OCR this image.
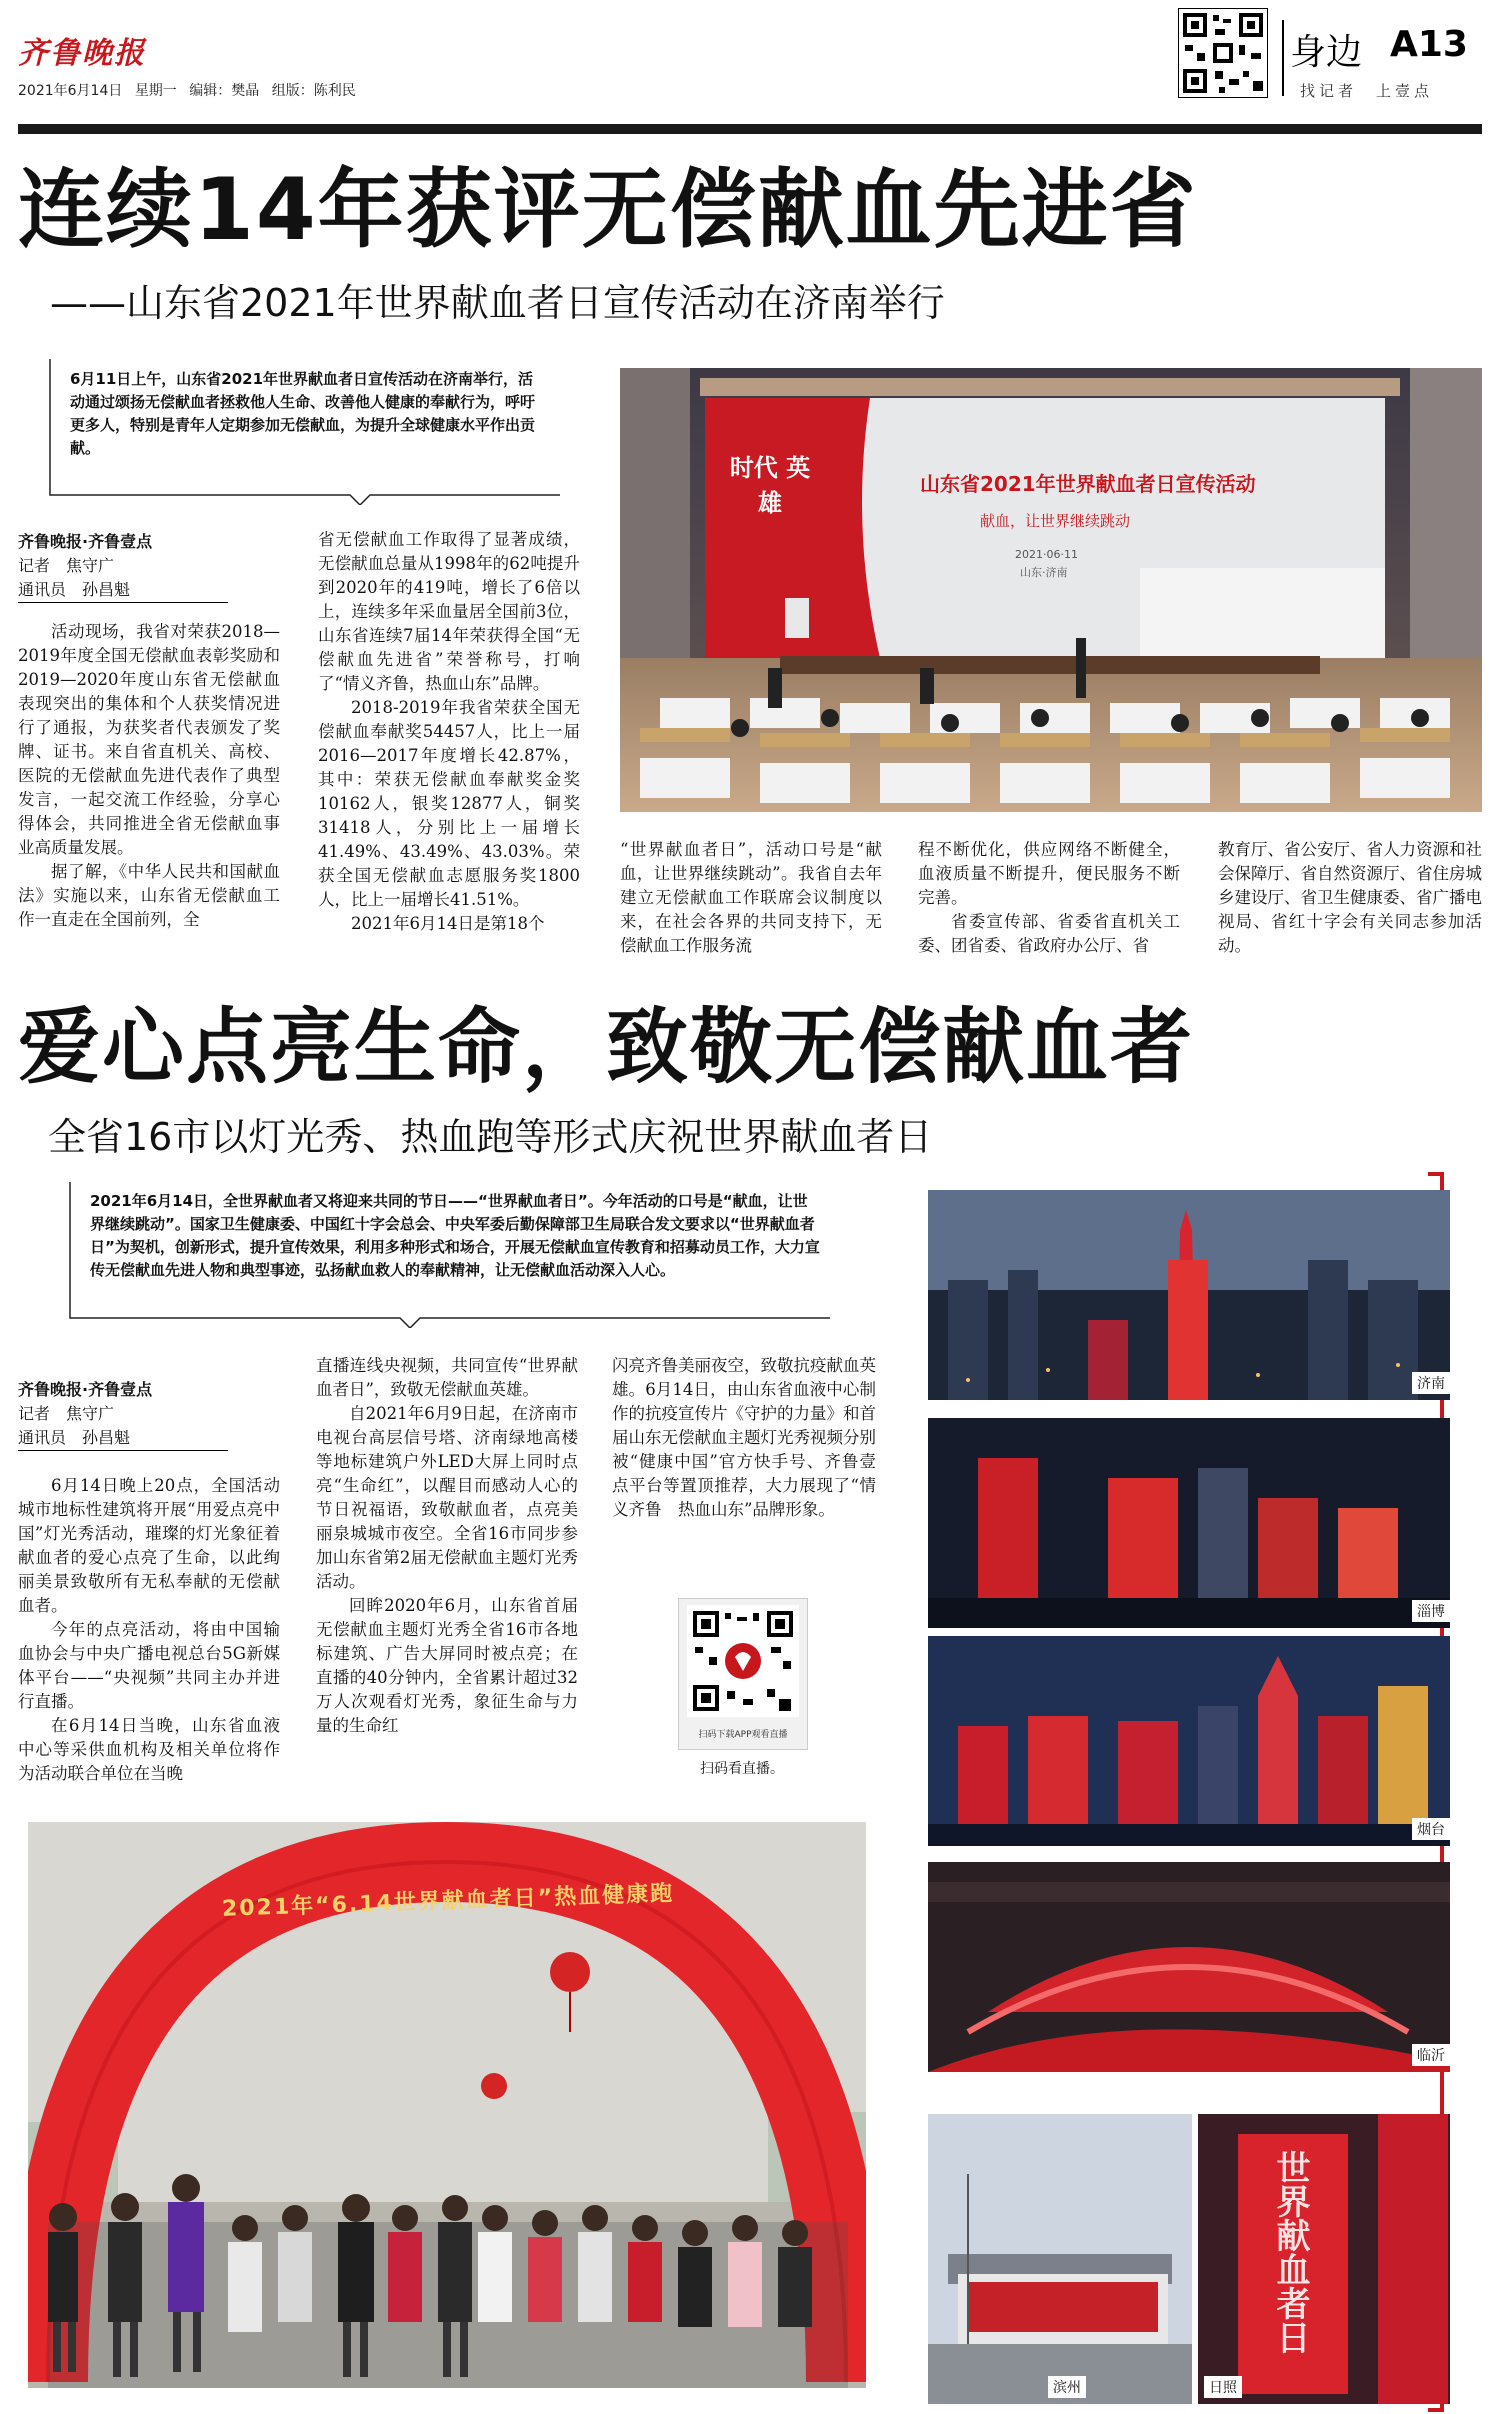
齐鲁晚报
2021年6月14日 星期一 编辑：樊晶 组版：陈利民
身边 A13
找记者　上壹点
连续14年获评无偿献血先进省
——山东省2021年世界献血者日宣传活动在济南举行
6月11日上午，山东省2021年世界献血者日宣传活动在济南举行，活动通过颂扬无偿献血者拯救他人生命、改善他人健康的奉献行为，呼吁更多人，特别是青年人定期参加无偿献血，为提升全球健康水平作出贡献。
齐鲁晚报·齐鲁壹点
记者　焦守广
通讯员　孙昌魁

活动现场，我省对荣获2018—2019年度全国无偿献血表彰奖励和2019—2020年度山东省无偿献血表现突出的集体和个人获奖情况进行了通报，为获奖者代表颁发了奖牌、证书。来自省直机关、高校、医院的无偿献血先进代表作了典型发言，一起交流工作经验，分享心得体会，共同推进全省无偿献血事业高质量发展。

据了解，《中华人民共和国献血法》实施以来，山东省无偿献血工作一直走在全国前列，全

省无偿献血工作取得了显著成绩，无偿献血总量从1998年的62吨提升到2020年的419吨，增长了6倍以上，连续多年采血量居全国前3位，山东省连续7届14年荣获得全国“无偿献血先进省”荣誉称号，打响了“情义齐鲁，热血山东”品牌。

2018-2019年我省荣获全国无偿献血奉献奖54457人，比上一届2016—2017年度增长42.87%，其中：荣获无偿献血奉献奖金奖10162人，银奖12877人，铜奖31418人，分别比上一届增长41.49%、43.49%、43.03%。荣获全国无偿献血志愿服务奖1800人，比上一届增长41.51%。

2021年6月14日是第18个

时代 英雄
山东省2021年世界献血者日宣传活动
献血，让世界继续跳动
2021·06·11
山东·济南

“世界献血者日”，活动口号是“献血，让世界继续跳动”。我省自去年建立无偿献血工作联席会议制度以来，在社会各界的共同支持下，无偿献血工作服务流

程不断优化，供应网络不断健全，血液质量不断提升，便民服务不断完善。

省委宣传部、省委省直机关工委、团省委、省政府办公厅、省

教育厅、省公安厅、省人力资源和社会保障厅、省自然资源厅、省住房城乡建设厅、省卫生健康委、省广播电视局、省红十字会有关同志参加活动。

爱心点亮生命，致敬无偿献血者
全省16市以灯光秀、热血跑等形式庆祝世界献血者日
2021年6月14日，全世界献血者又将迎来共同的节日——“世界献血者日”。今年活动的口号是“献血，让世界继续跳动”。国家卫生健康委、中国红十字会总会、中央军委后勤保障部卫生局联合发文要求以“世界献血者日”为契机，创新形式，提升宣传效果，利用多种形式和场合，开展无偿献血宣传教育和招募动员工作，大力宣传无偿献血先进人物和典型事迹，弘扬献血救人的奉献精神，让无偿献血活动深入人心。
齐鲁晚报·齐鲁壹点
记者　焦守广
通讯员　孙昌魁

6月14日晚上20点，全国活动城市地标性建筑将开展“用爱点亮中国”灯光秀活动，璀璨的灯光象征着献血者的爱心点亮了生命，以此绚丽美景致敬所有无私奉献的无偿献血者。

今年的点亮活动，将由中国输血协会与中央广播电视总台5G新媒体平台——“央视频”共同主办并进行直播。

在6月14日当晚，山东省血液中心等采供血机构及相关单位将作为活动联合单位在当晚

直播连线央视频，共同宣传“世界献血者日”，致敬无偿献血英雄。

自2021年6月9日起，在济南市电视台高层信号塔、济南绿地高楼等地标建筑户外LED大屏上同时点亮“生命红”，以醒目而感动人心的节日祝福语，致敬献血者，点亮美丽泉城城市夜空。全省16市同步参加山东省第2届无偿献血主题灯光秀活动。

回眸2020年6月，山东省首届无偿献血主题灯光秀全省16市各地标建筑、广告大屏同时被点亮；在直播的40分钟内，全省累计超过32万人次观看灯光秀，象征生命与力量的生命红

闪亮齐鲁美丽夜空，致敬抗疫献血英雄。6月14日，由山东省血液中心制作的抗疫宣传片《守护的力量》和首届山东无偿献血主题灯光秀视频分别被“健康中国”官方快手号、齐鲁壹点平台等置顶推荐，大力展现了“情义齐鲁　热血山东”品牌形象。

扫码下载APP观看直播
扫码看直播。
2021年“6.14世界献血者日”热血健康跑
济南
淄博
烟台
临沂
滨州
世界献血者日
日照
